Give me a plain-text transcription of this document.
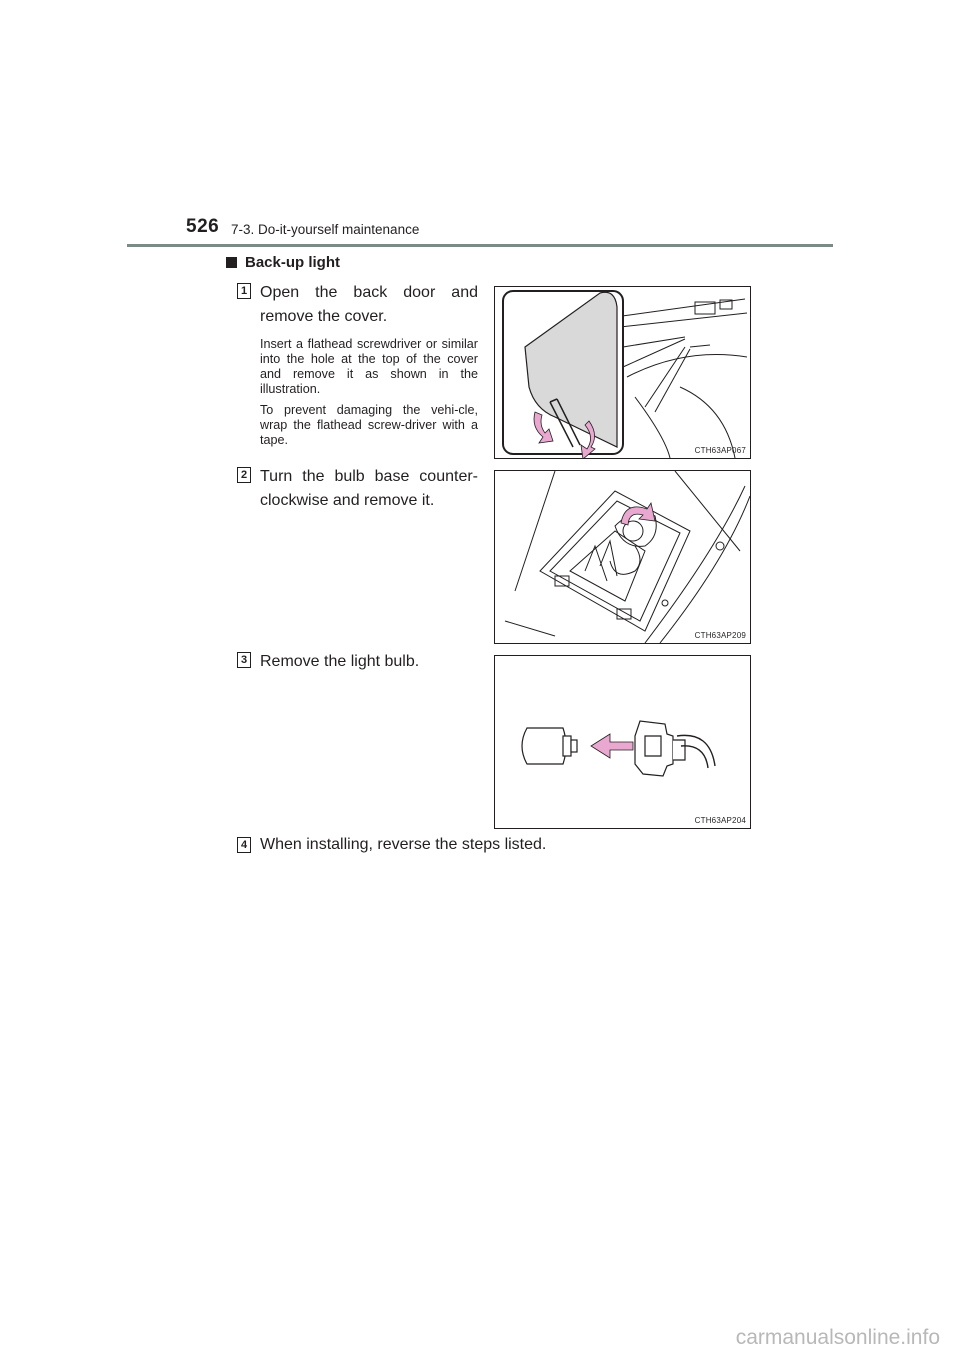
526 7-3. Do-it-yourself maintenance
Back-up light
1 Open the back door and remove the cover.
Insert a flathead screwdriver or similar into the hole at the top of the cover and remove it as shown in the illustration.
To prevent damaging the vehi-cle, wrap the flathead screw-driver with a tape.
CTH63AP067
2 Turn the bulb base counter-clockwise and remove it.
CTH63AP209
3 Remove the light bulb.
CTH63AP204
4 When installing, reverse the steps listed.
carmanualsonline.info
